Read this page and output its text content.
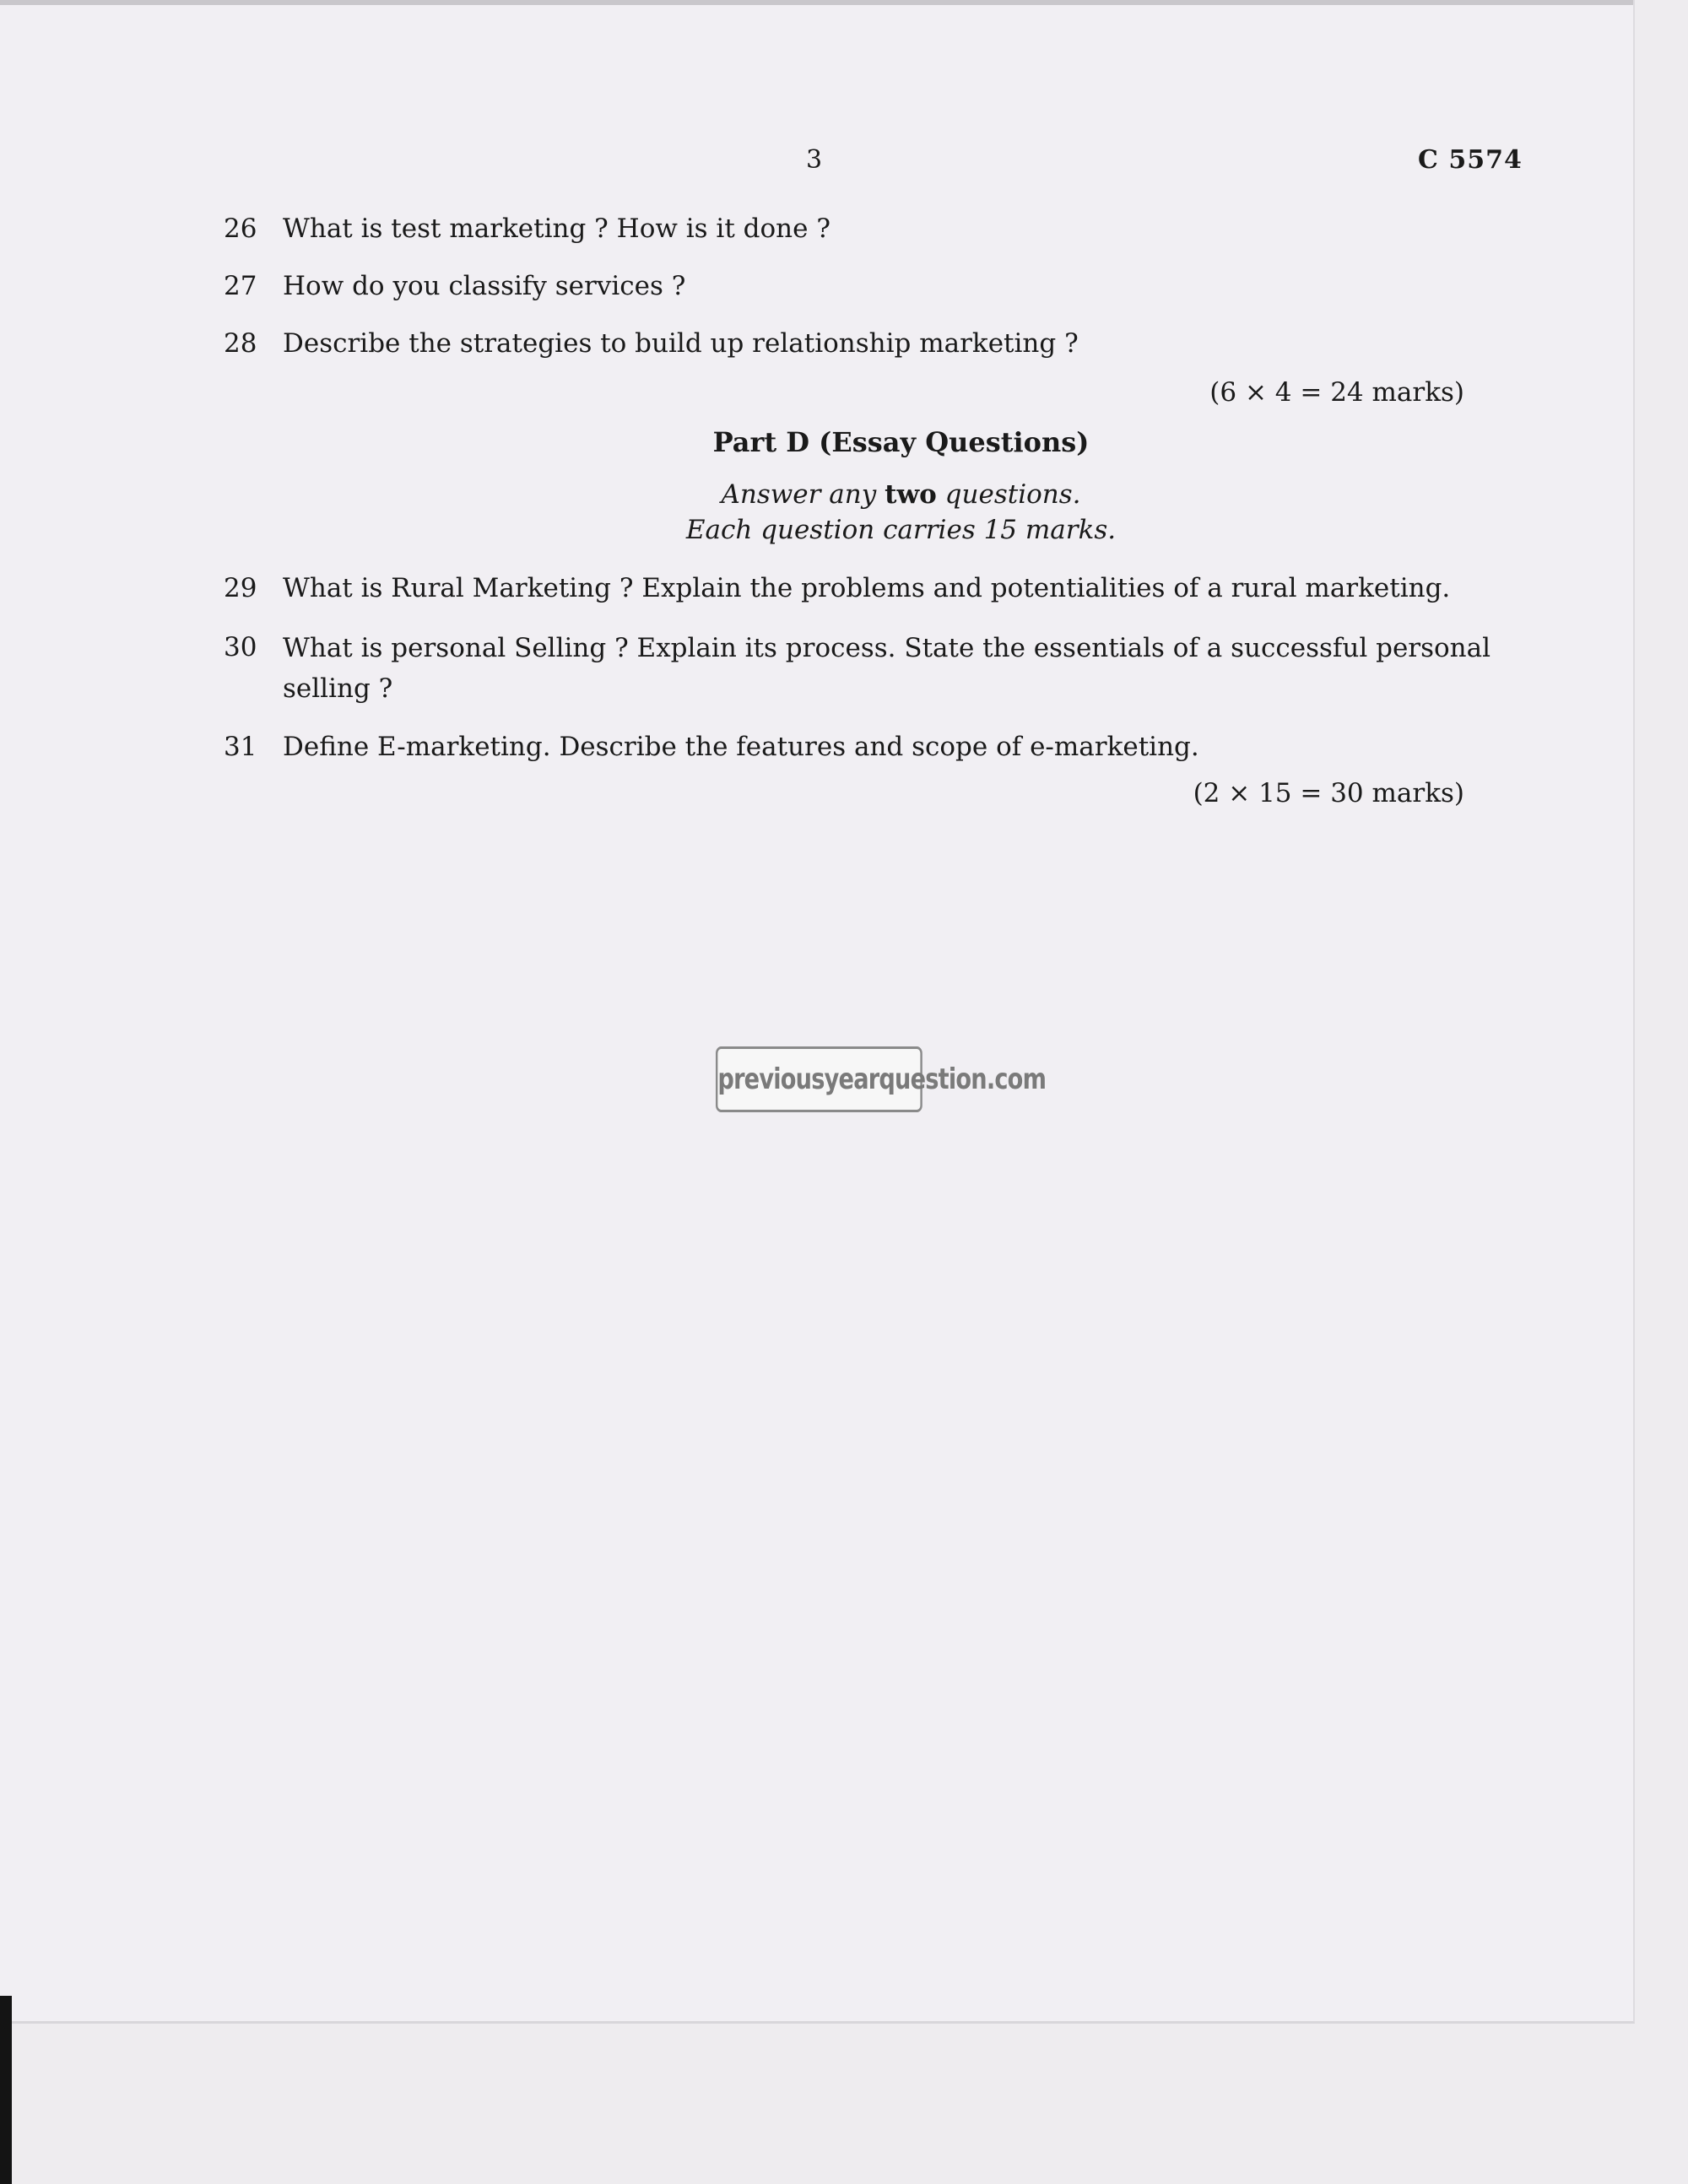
3	C 5574
26 What is test marketing ? How is it done ?
27 How do you classify services ?
28 Describe the strategies to build up relationship marketing ?
(6 × 4 = 24 marks)
Part D (Essay Questions)
Answer any two questions.
Each question carries 15 marks.
29 What is Rural Marketing ? Explain the problems and potentialities of a rural marketing.
30 What is personal Selling ? Explain its process. State the essentials of a successful personal selling ?
31 Define E-marketing. Describe the features and scope of e-marketing.
(2 × 15 = 30 marks)
previousyearquestion.com
